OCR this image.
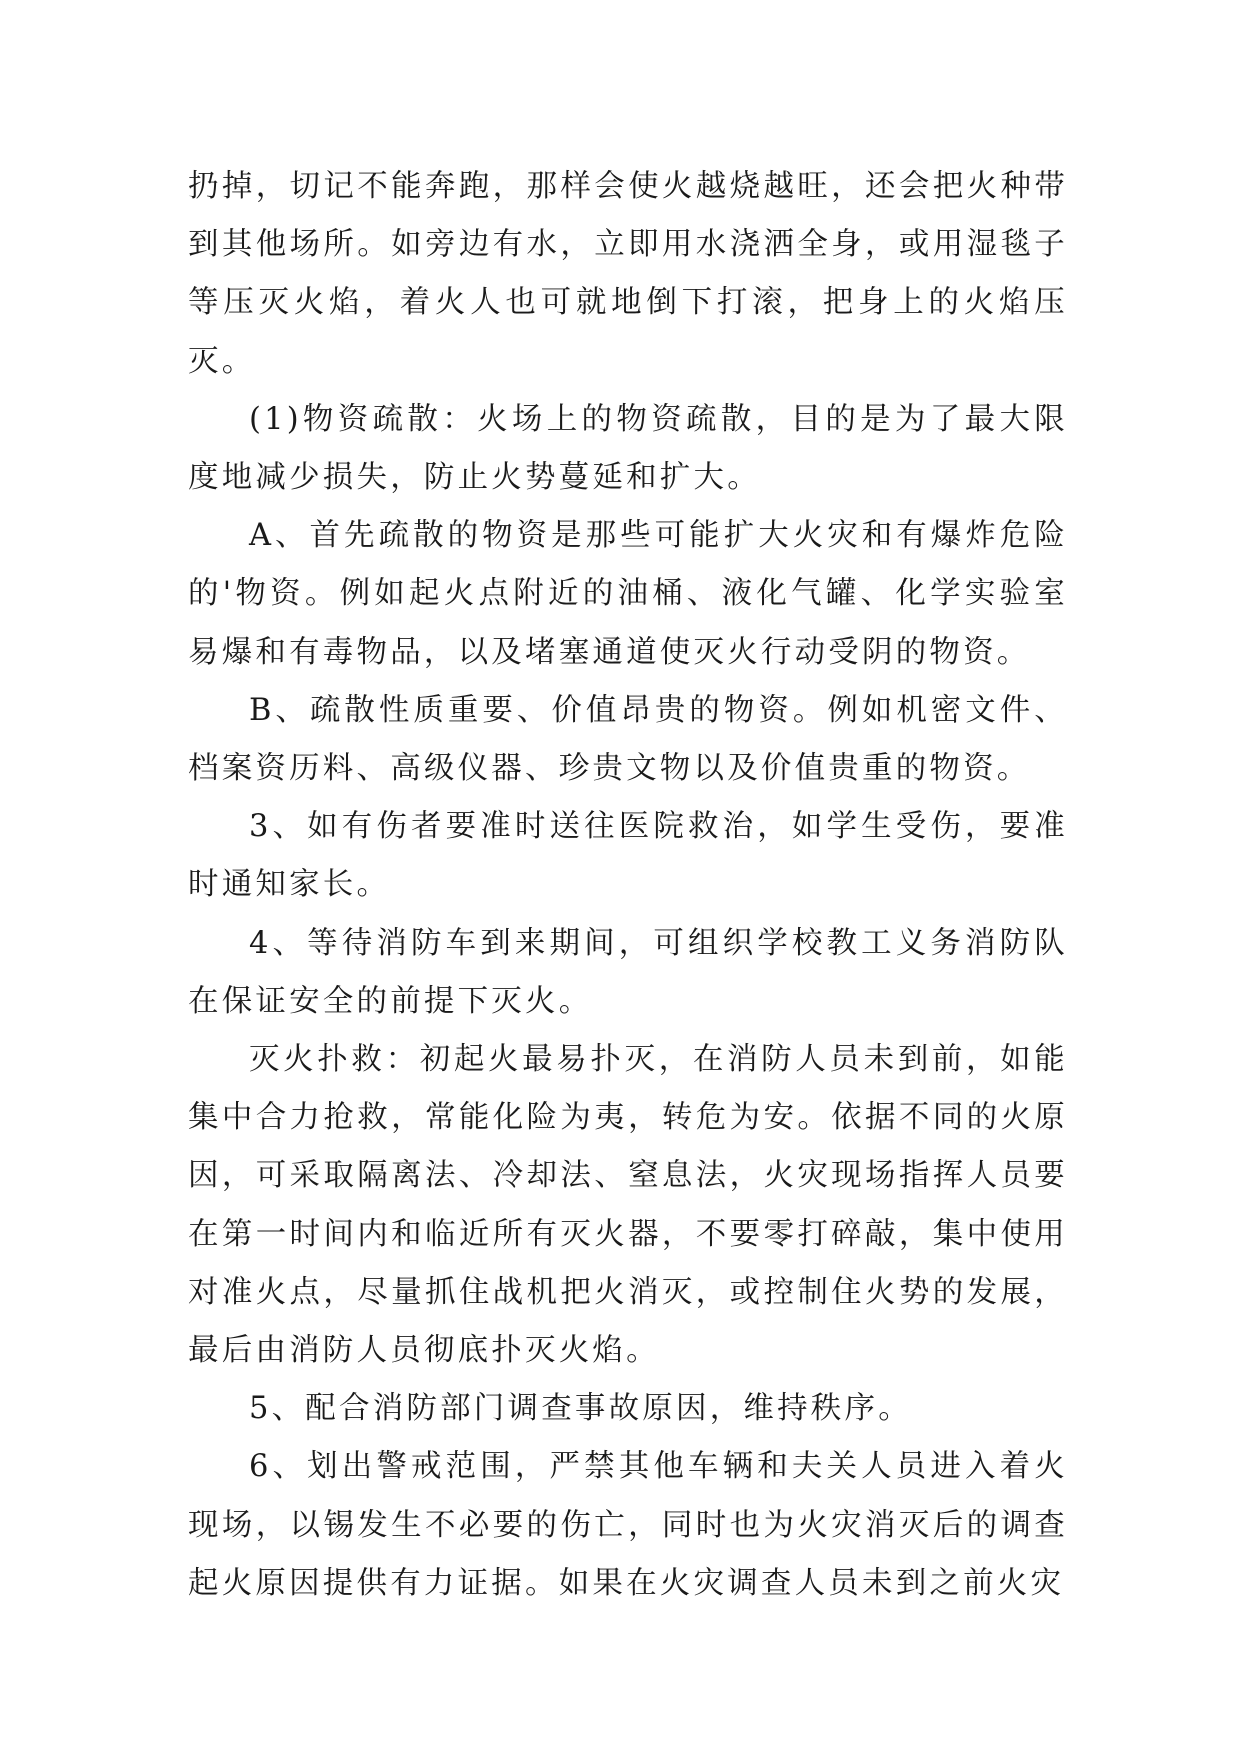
扔掉，切记不能奔跑，那样会使火越烧越旺，还会把火种带到其他场所。如旁边有水，立即用水浇洒全身，或用湿毯子等压灭火焰，着火人也可就地倒下打滚，把身上的火焰压灭。

(1)物资疏散：火场上的物资疏散，目的是为了最大限度地减少损失，防止火势蔓延和扩大。

A、首先疏散的物资是那些可能扩大火灾和有爆炸危险的'物资。例如起火点附近的油桶、液化气罐、化学实验室易爆和有毒物品，以及堵塞通道使灭火行动受阴的物资。

B、疏散性质重要、价值昂贵的物资。例如机密文件、档案资历料、高级仪器、珍贵文物以及价值贵重的物资。

3、如有伤者要准时送往医院救治，如学生受伤，要准时通知家长。

4、等待消防车到来期间，可组织学校教工义务消防队在保证安全的前提下灭火。

灭火扑救：初起火最易扑灭，在消防人员未到前，如能集中合力抢救，常能化险为夷，转危为安。依据不同的火原因，可采取隔离法、冷却法、窒息法，火灾现场指挥人员要在第一时间内和临近所有灭火器，不要零打碎敲，集中使用对准火点，尽量抓住战机把火消灭，或控制住火势的发展，最后由消防人员彻底扑灭火焰。

5、配合消防部门调查事故原因，维持秩序。

6、划出警戒范围，严禁其他车辆和夫关人员进入着火现场，以锡发生不必要的伤亡，同时也为火灾消灭后的调查起火原因提供有力证据。如果在火灾调查人员未到之前火灾
